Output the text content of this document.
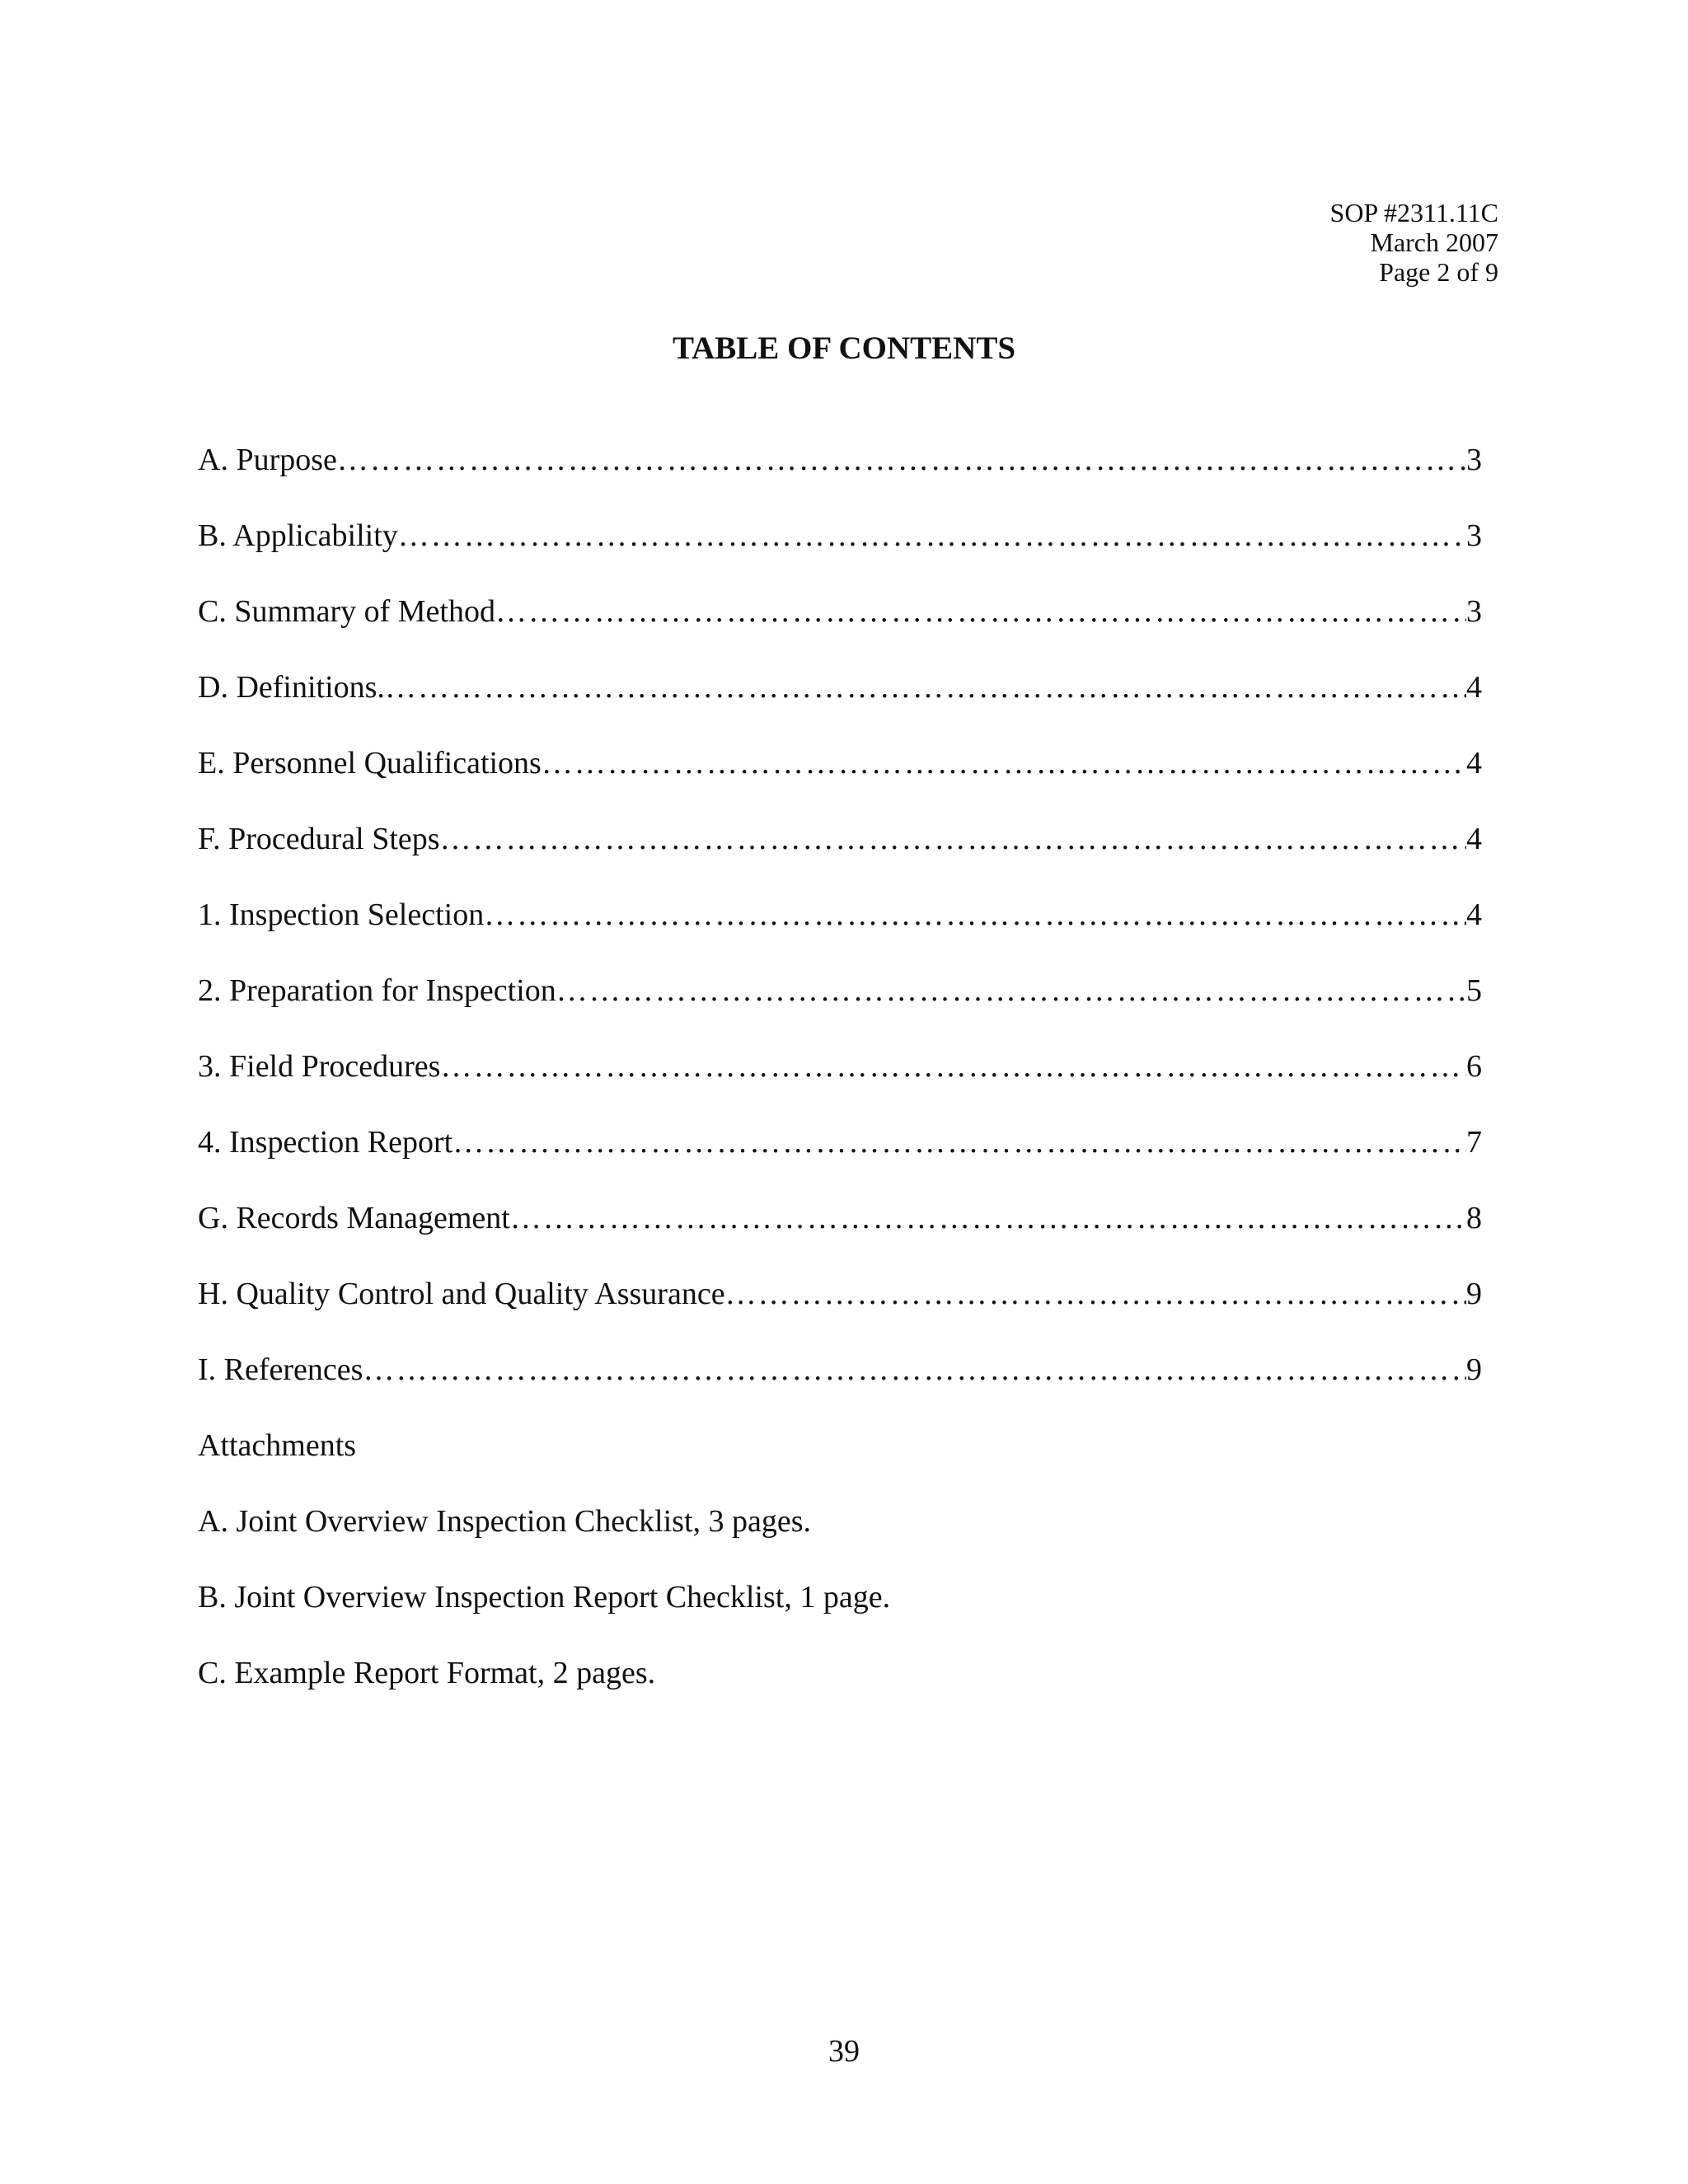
SOP #2311.11C
March 2007
Page 2 of 9
TABLE OF CONTENTS
A. Purpose ………………………………………………………………………………………………………………………………………………………………………………………	3
B. Applicability ………………………………………………………………………………………………………………………………………………………………………………………	3
C. Summary of Method ………………………………………………………………………………………………………………………………………………………………………………………	3
D. Definitions. ………………………………………………………………………………………………………………………………………………………………………………………	4
E. Personnel Qualifications ………………………………………………………………………………………………………………………………………………………………………………………	4
F. Procedural Steps ………………………………………………………………………………………………………………………………………………………………………………………	4
1. Inspection Selection ………………………………………………………………………………………………………………………………………………………………………………………	4
2. Preparation for Inspection ………………………………………………………………………………………………………………………………………………………………………………………	5
3. Field Procedures ………………………………………………………………………………………………………………………………………………………………………………………	6
4. Inspection Report ………………………………………………………………………………………………………………………………………………………………………………………	7
G. Records Management ………………………………………………………………………………………………………………………………………………………………………………………	8
H. Quality Control and Quality Assurance ………………………………………………………………………………………………………………………………………………………………………………………	9
I. References ………………………………………………………………………………………………………………………………………………………………………………………	9
Attachments
A. Joint Overview Inspection Checklist, 3 pages.
B. Joint Overview Inspection Report Checklist, 1 page.
C. Example Report Format, 2 pages.
39
